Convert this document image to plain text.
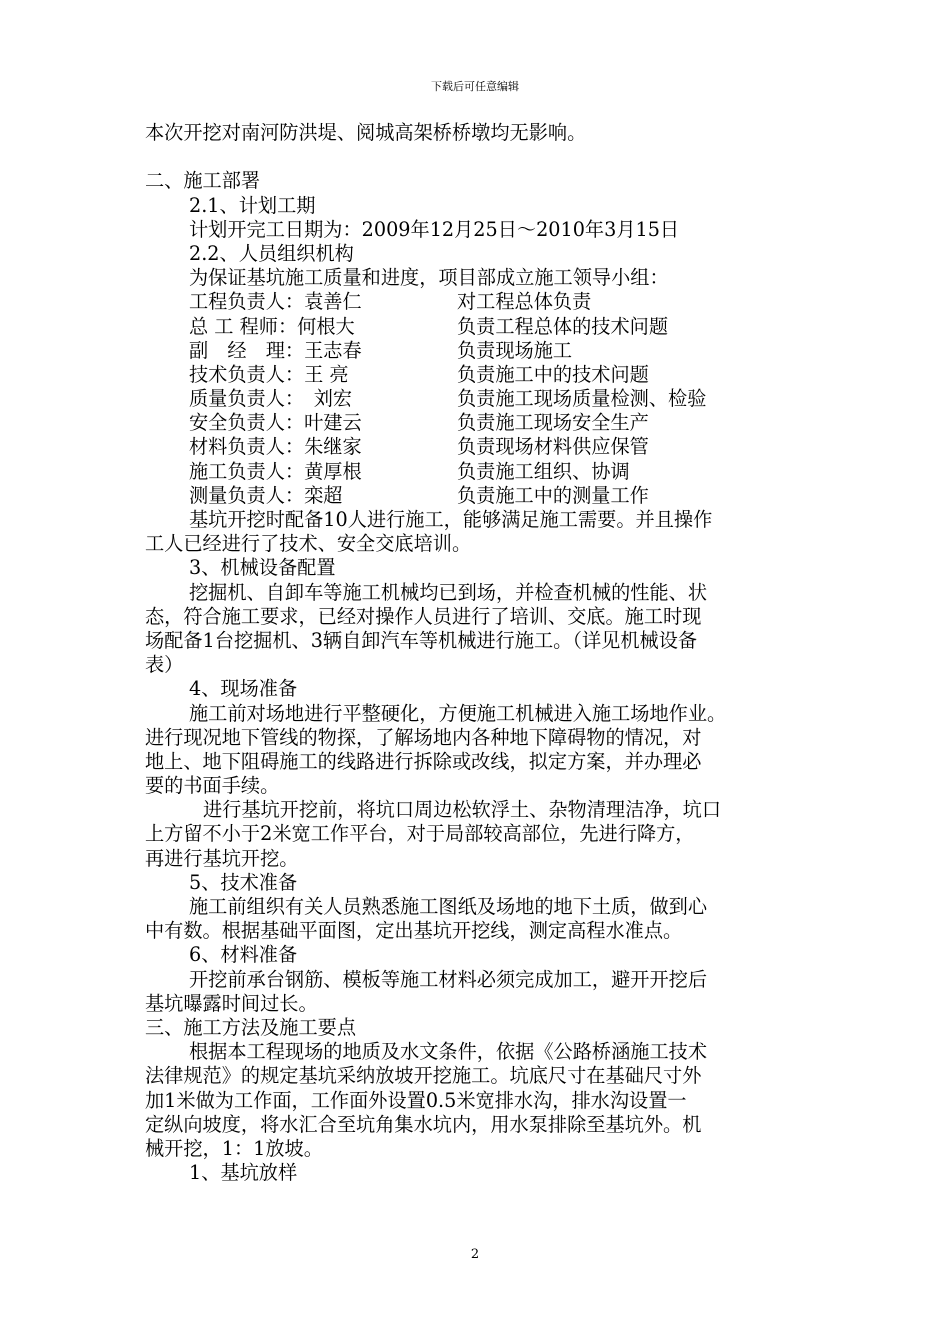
下载后可任意编辑
本次开挖对南河防洪堤、阅城高架桥桥墩均无影响。
二、施工部署
2.1、计划工期
计划开完工日期为：2009年12月25日～2010年3月15日
2.2、人员组织机构
为保证基坑施工质量和进度，项目部成立施工领导小组：
工程负责人：袁善仁	对工程总体负责
总 工 程师：何根大	负责工程总体的技术问题
副　经　理：王志春	负责现场施工
技术负责人：王 亮	负责施工中的技术问题
质量负责人：　刘宏	负责施工现场质量检测、检验
安全负责人：叶建云	负责施工现场安全生产
材料负责人：朱继家	负责现场材料供应保管
施工负责人：黄厚根	负责施工组织、协调
测量负责人：栾超	负责施工中的测量工作
基坑开挖时配备10人进行施工，能够满足施工需要。并且操作
工人已经进行了技术、安全交底培训。
3、机械设备配置
挖掘机、自卸车等施工机械均已到场，并检查机械的性能、状
态，符合施工要求，已经对操作人员进行了培训、交底。施工时现
场配备1台挖掘机、3辆自卸汽车等机械进行施工。（详见机械设备
表）
4、现场准备
施工前对场地进行平整硬化，方便施工机械进入施工场地作业。
进行现况地下管线的物探，了解场地内各种地下障碍物的情况，对
地上、地下阻碍施工的线路进行拆除或改线，拟定方案，并办理必
要的书面手续。
进行基坑开挖前，将坑口周边松软浮土、杂物清理洁净，坑口
上方留不小于2米宽工作平台，对于局部较高部位，先进行降方，
再进行基坑开挖。
5、技术准备
施工前组织有关人员熟悉施工图纸及场地的地下土质，做到心
中有数。根据基础平面图，定出基坑开挖线，测定高程水准点。
6、材料准备
开挖前承台钢筋、模板等施工材料必须完成加工，避开开挖后
基坑曝露时间过长。
三、施工方法及施工要点
根据本工程现场的地质及水文条件，依据《公路桥涵施工技术
法律规范》的规定基坑采纳放坡开挖施工。坑底尺寸在基础尺寸外
加1米做为工作面，工作面外设置0.5米宽排水沟，排水沟设置一
定纵向坡度，将水汇合至坑角集水坑内，用水泵排除至基坑外。机
械开挖，1：1放坡。
1、基坑放样
2
